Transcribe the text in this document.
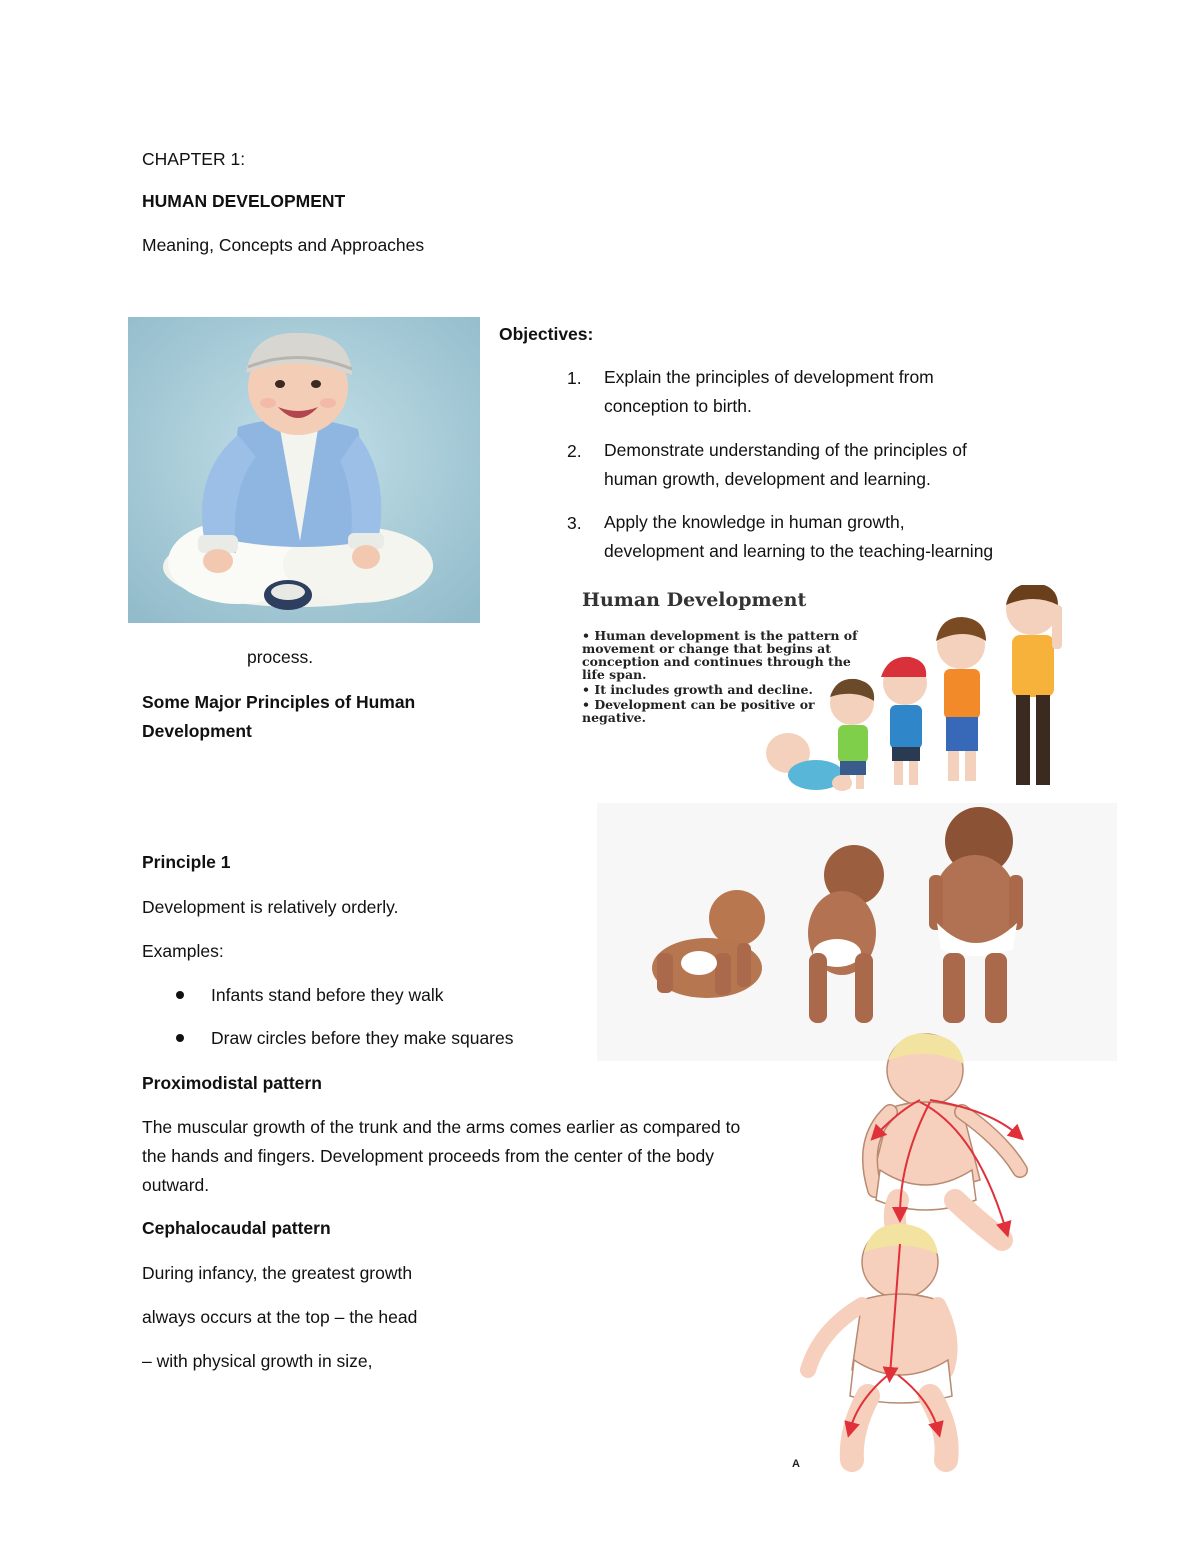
CHAPTER 1:
HUMAN DEVELOPMENT
Meaning, Concepts and Approaches
Objectives:
1. Explain the principles of development from
conception to birth.
2. Demonstrate understanding of the principles of
human growth, development and learning.
3. Apply the knowledge in human growth,
development and learning to the teaching-learning
Human Development
• Human development is the pattern of movement or change that begins at conception and continues through the life span.
• It includes growth and decline.
• Development can be positive or negative.
process.
Some Major Principles of Human
Development
Principle 1
Development is relatively orderly.
Examples:
Infants stand before they walk
Draw circles before they make squares
Proximodistal pattern
The muscular growth of the trunk and the arms comes earlier as compared to
the hands and fingers. Development proceeds from the center of the body
outward.
Cephalocaudal pattern
During infancy, the greatest growth
always occurs at the top – the head
– with physical growth in size,
A
